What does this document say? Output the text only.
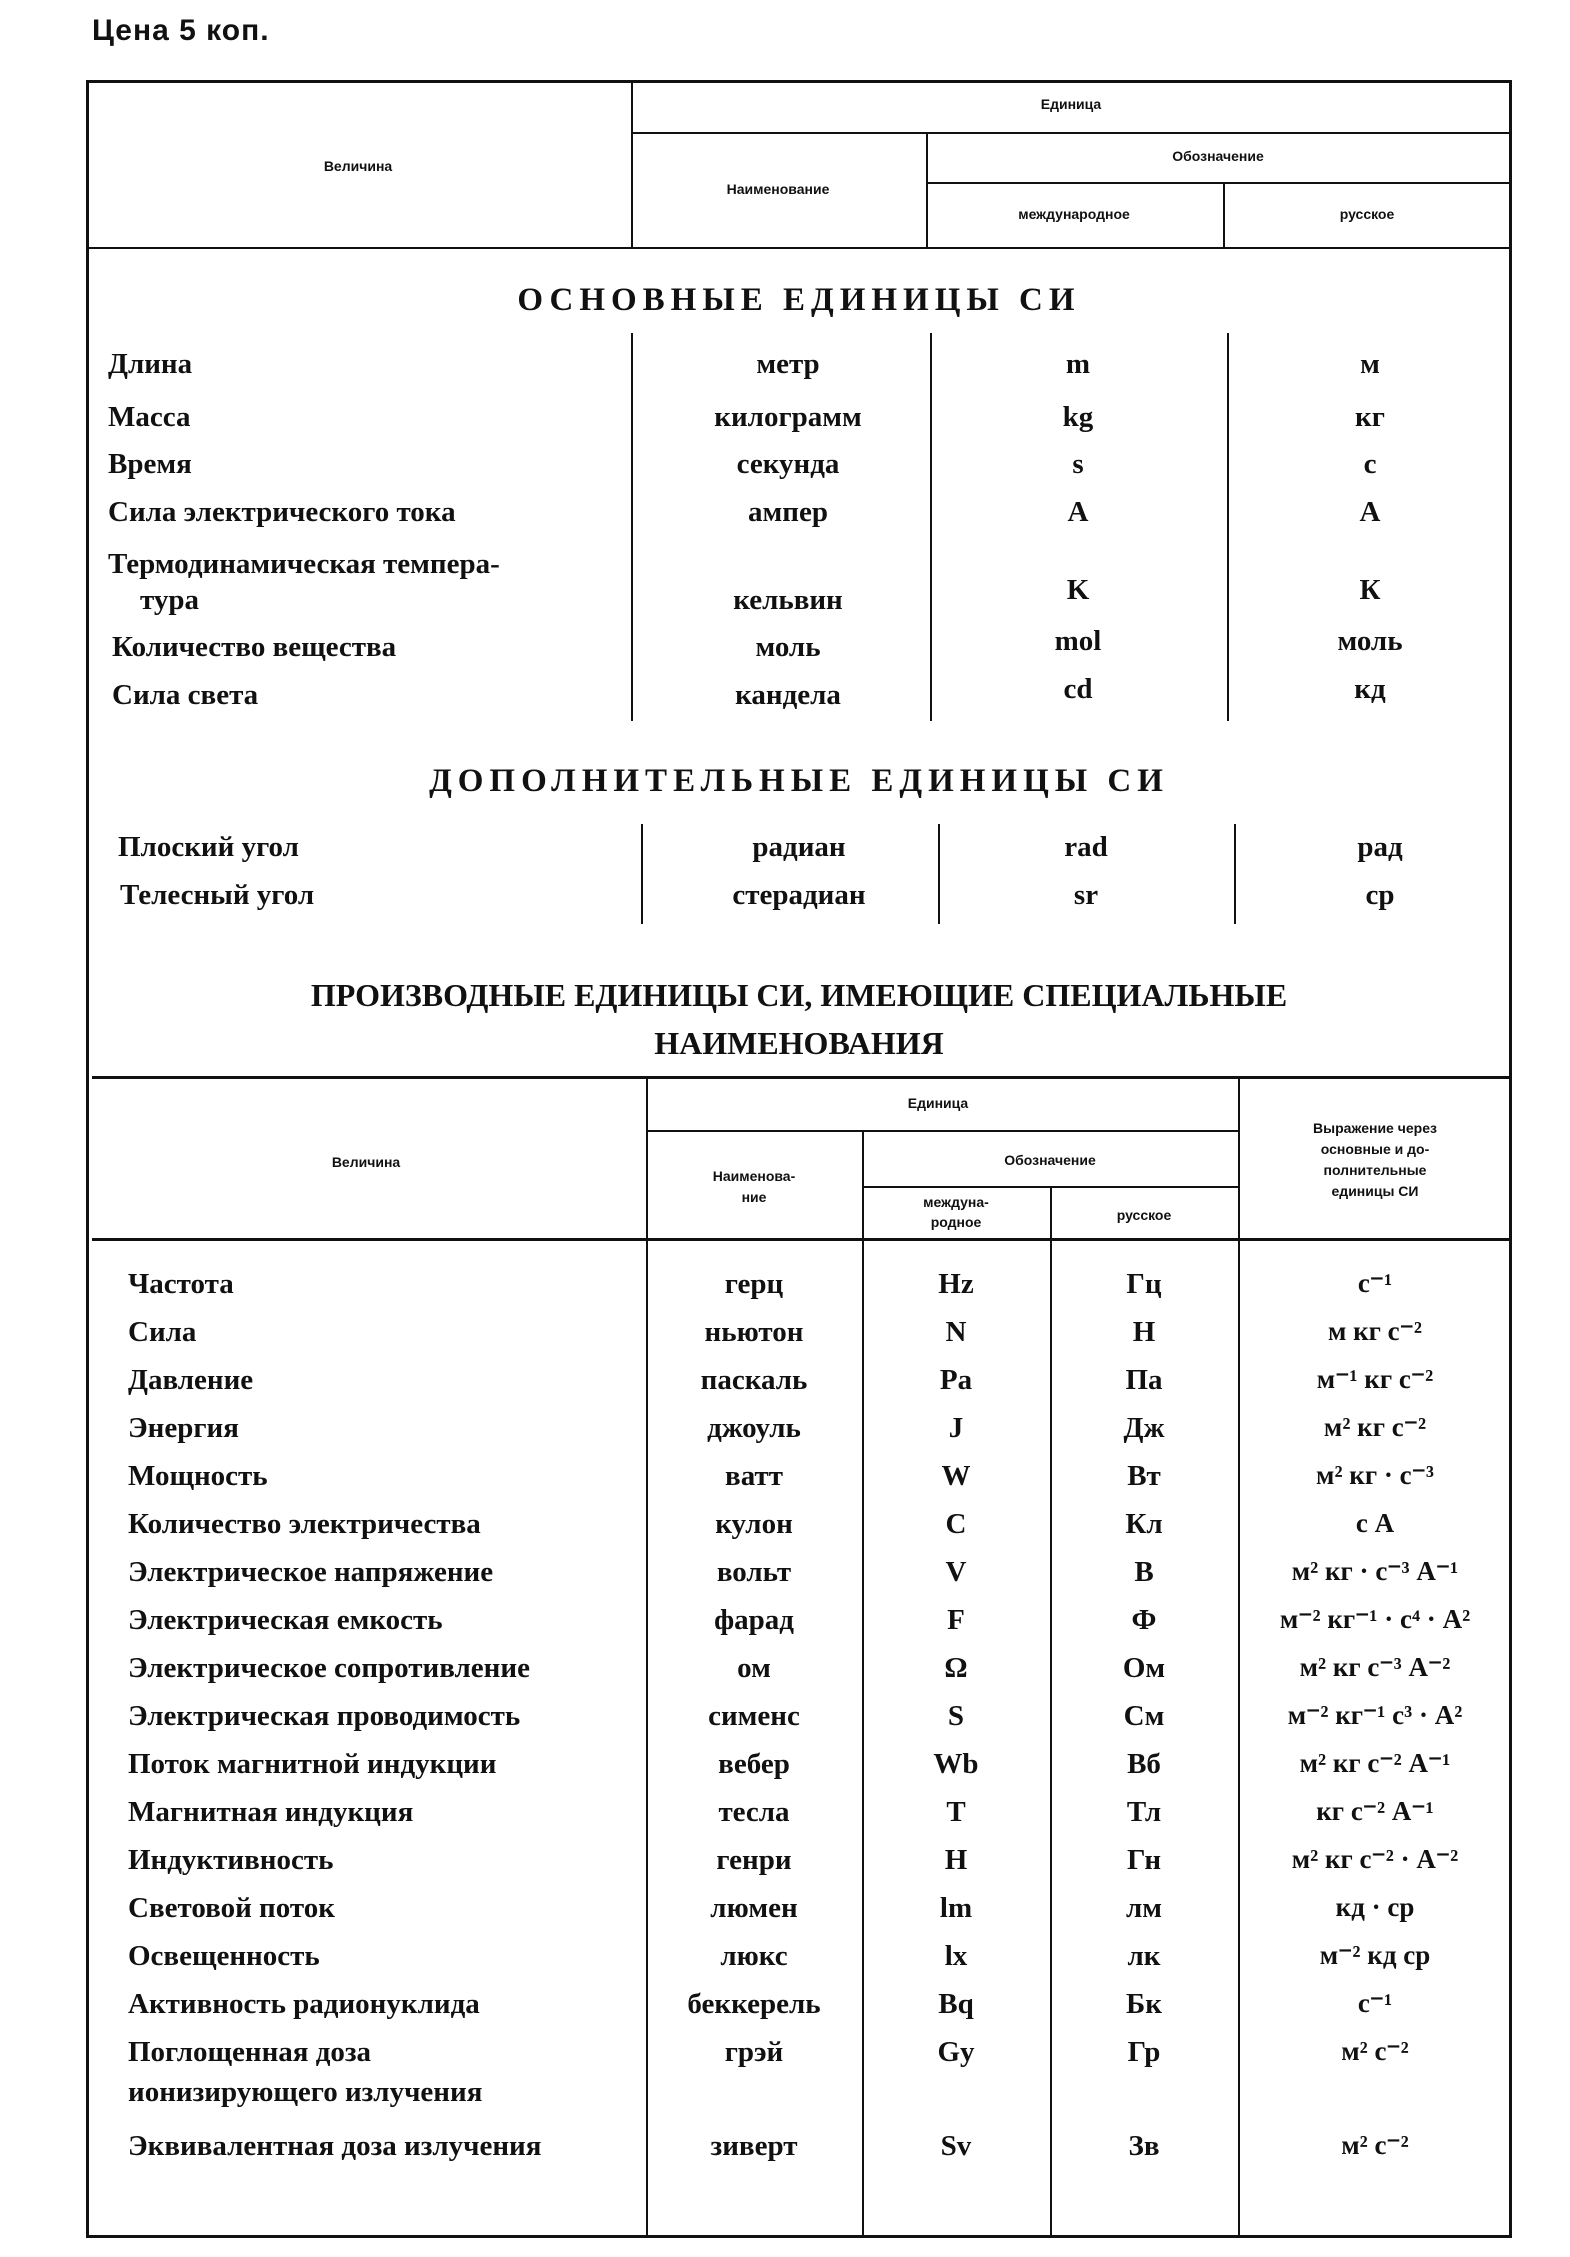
Цена 5 коп.
Величина
Единица
Наименование
Обозначение
международное	русское
ОСНОВНЫЕ ЕДИНИЦЫ СИ
Длина	метр	m	м
Масса	килограмм	kg	кг
Время	секунда	s	с
Сила электрического тока	ампер	A	А
Термодинамическая темпера-
тура	кельвин	K	К
Количество вещества	моль	mol	моль
Сила света	кандела	cd	кд
ДОПОЛНИТЕЛЬНЫЕ ЕДИНИЦЫ СИ
Плоский угол	радиан	rad	рад
Телесный угол	стерадиан	sr	ср
ПРОИЗВОДНЫЕ ЕДИНИЦЫ СИ, ИМЕЮЩИЕ СПЕЦИАЛЬНЫЕ
НАИМЕНОВАНИЯ
Величина
Единица
Наименова-
ние
Обозначение
междуна-
родное	русское
Выражение через
основные и до-
полнительные
единицы СИ
Частота	герц	Hz	Гц	с⁻¹
Сила	ньютон	N	Н	м кг с⁻²
Давление	паскаль	Pa	Па	м⁻¹ кг с⁻²
Энергия	джоуль	J	Дж	м² кг с⁻²
Мощность	ватт	W	Вт	м² кг · с⁻³
Количество электричества	кулон	C	Кл	с А
Электрическое напряжение	вольт	V	В	м² кг · с⁻³ А⁻¹
Электрическая емкость	фарад	F	Ф	м⁻² кг⁻¹ · с⁴ · А²
Электрическое сопротивление	ом	Ω	Ом	м² кг с⁻³ А⁻²
Электрическая проводимость	сименс	S	См	м⁻² кг⁻¹ с³ · А²
Поток магнитной индукции	вебер	Wb	Вб	м² кг с⁻² А⁻¹
Магнитная индукция	тесла	T	Тл	кг с⁻² А⁻¹
Индуктивность	генри	H	Гн	м² кг с⁻² · А⁻²
Световой поток	люмен	lm	лм	кд · ср
Освещенность	люкс	lx	лк	м⁻² кд ср
Активность радионуклида	беккерель	Bq	Бк	с⁻¹
Поглощенная доза
ионизирующего излучения
грэй	Gy	Гр	м² с⁻²
Эквивалентная доза излучения	зиверт	Sv	Зв	м² с⁻²
